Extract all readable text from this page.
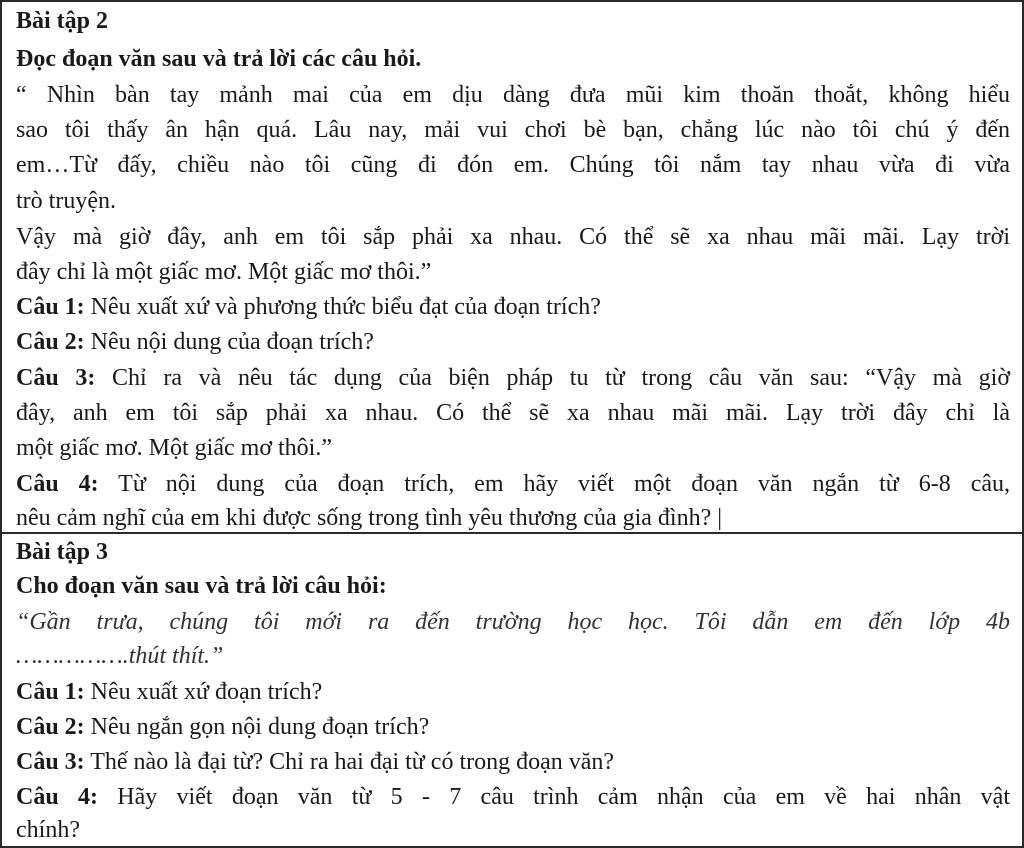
Bài tập 2
Đọc đoạn văn sau và trả lời các câu hỏi.
“ Nhìn bàn tay mảnh mai của em dịu dàng đưa mũi kim thoăn thoắt, không hiểu
sao tôi thấy ân hận quá. Lâu nay, mải vui chơi bè bạn, chẳng lúc nào tôi chú ý đến
em…Từ đấy, chiều nào tôi cũng đi đón em. Chúng tôi nắm tay nhau vừa đi vừa
trò truyện.
Vậy mà giờ đây, anh em tôi sắp phải xa nhau. Có thể sẽ xa nhau mãi mãi. Lạy trời
đây chỉ là một giấc mơ. Một giấc mơ thôi.”
Câu 1: Nêu xuất xứ và phương thức biểu đạt của đoạn trích?
Câu 2: Nêu nội dung của đoạn trích?
Câu 3: Chỉ ra và nêu tác dụng của biện pháp tu từ trong câu văn sau: “Vậy mà giờ
đây, anh em tôi sắp phải xa nhau. Có thể sẽ xa nhau mãi mãi. Lạy trời đây chỉ là
một giấc mơ. Một giấc mơ thôi.”
Câu 4: Từ nội dung của đoạn trích, em hãy viết một đoạn văn ngắn từ 6-8 câu,
nêu cảm nghĩ của em khi được sống trong tình yêu thương của gia đình? |
Bài tập 3
Cho đoạn văn sau và trả lời câu hỏi:
“Gần trưa, chúng tôi mới ra đến trường học học. Tôi dẫn em đến lớp 4b
…………….thút thít.”
Câu 1: Nêu xuất xứ đoạn trích?
Câu 2: Nêu ngắn gọn nội dung đoạn trích?
Câu 3: Thế nào là đại từ? Chỉ ra hai đại từ có trong đoạn văn?
Câu 4: Hãy viết đoạn văn từ 5 - 7 câu trình cảm nhận của em về hai nhân vật
chính?
